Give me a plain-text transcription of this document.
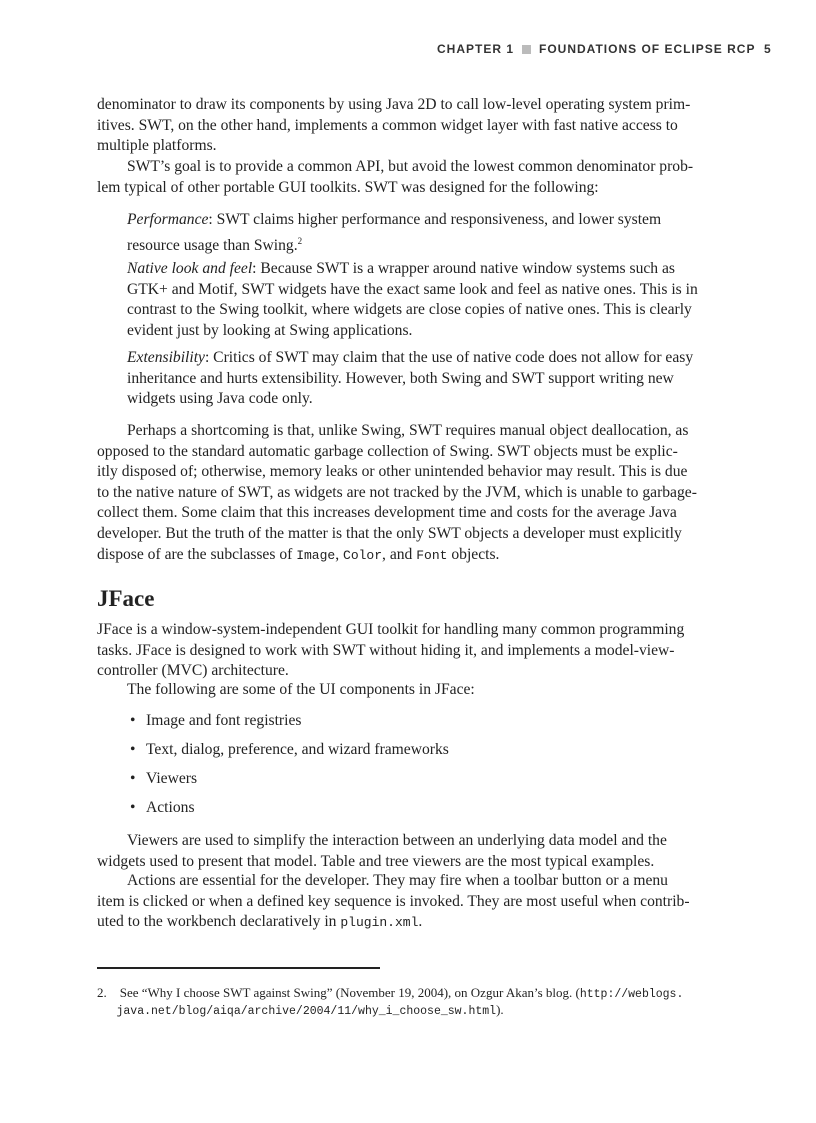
CHAPTER 1 FOUNDATIONS OF ECLIPSE RCP 5
denominator to draw its components by using Java 2D to call low-level operating system prim-
itives. SWT, on the other hand, implements a common widget layer with fast native access to
multiple platforms.
SWT’s goal is to provide a common API, but avoid the lowest common denominator prob-
lem typical of other portable GUI toolkits. SWT was designed for the following:
Performance: SWT claims higher performance and responsiveness, and lower system
resource usage than Swing.$^2$
Native look and feel: Because SWT is a wrapper around native window systems such as
GTK+ and Motif, SWT widgets have the exact same look and feel as native ones. This is in
contrast to the Swing toolkit, where widgets are close copies of native ones. This is clearly
evident just by looking at Swing applications.
Extensibility: Critics of SWT may claim that the use of native code does not allow for easy
inheritance and hurts extensibility. However, both Swing and SWT support writing new
widgets using Java code only.
Perhaps a shortcoming is that, unlike Swing, SWT requires manual object deallocation, as
opposed to the standard automatic garbage collection of Swing. SWT objects must be explic-
itly disposed of; otherwise, memory leaks or other unintended behavior may result. This is due
to the native nature of SWT, as widgets are not tracked by the JVM, which is unable to garbage-
collect them. Some claim that this increases development time and costs for the average Java
developer. But the truth of the matter is that the only SWT objects a developer must explicitly
dispose of are the subclasses of Image, Color, and Font objects.
JFace
JFace is a window-system-independent GUI toolkit for handling many common programming
tasks. JFace is designed to work with SWT without hiding it, and implements a model-view-
controller (MVC) architecture.
The following are some of the UI components in JFace:
• Image and font registries
• Text, dialog, preference, and wizard frameworks
• Viewers
• Actions
Viewers are used to simplify the interaction between an underlying data model and the
widgets used to present that model. Table and tree viewers are the most typical examples.
Actions are essential for the developer. They may fire when a toolbar button or a menu
item is clicked or when a defined key sequence is invoked. They are most useful when contrib-
uted to the workbench declaratively in plugin.xml.
2. See “Why I choose SWT against Swing” (November 19, 2004), on Ozgur Akan’s blog. (http://weblogs.
  java.net/blog/aiqa/archive/2004/11/why_i_choose_sw.html).
